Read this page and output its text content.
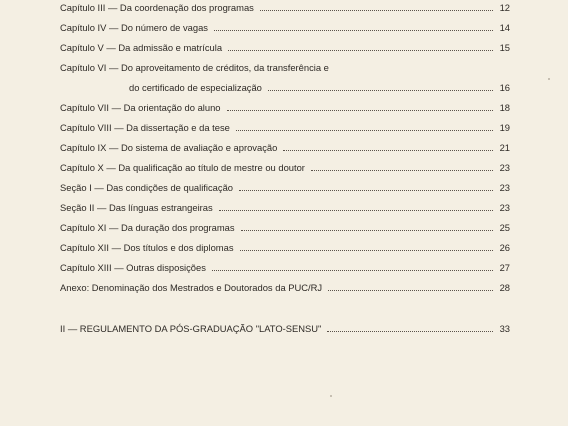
Capítulo III — Da coordenação dos programas	12
Capítulo IV — Do número de vagas	14
Capítulo V — Da admissão e matrícula	15
Capítulo VI — Do aproveitamento de créditos, da transferência e
do certificado de especialização	16
Capítulo VII — Da orientação do aluno	18
Capítulo VIII — Da dissertação e da tese	19
Capítulo IX — Do sistema de avaliação e aprovação	21
Capítulo X — Da qualificação ao título de mestre ou doutor	23
Seção I — Das condições de qualificação	23
Seção II — Das línguas estrangeiras	23
Capítulo XI — Da duração dos programas	25
Capítulo XII — Dos títulos e dos diplomas	26
Capítulo XIII — Outras disposições	27
Anexo: Denominação dos Mestrados e Doutorados da PUC/RJ	28
II — REGULAMENTO DA PÓS-GRADUAÇÃO "LATO-SENSU"	33
